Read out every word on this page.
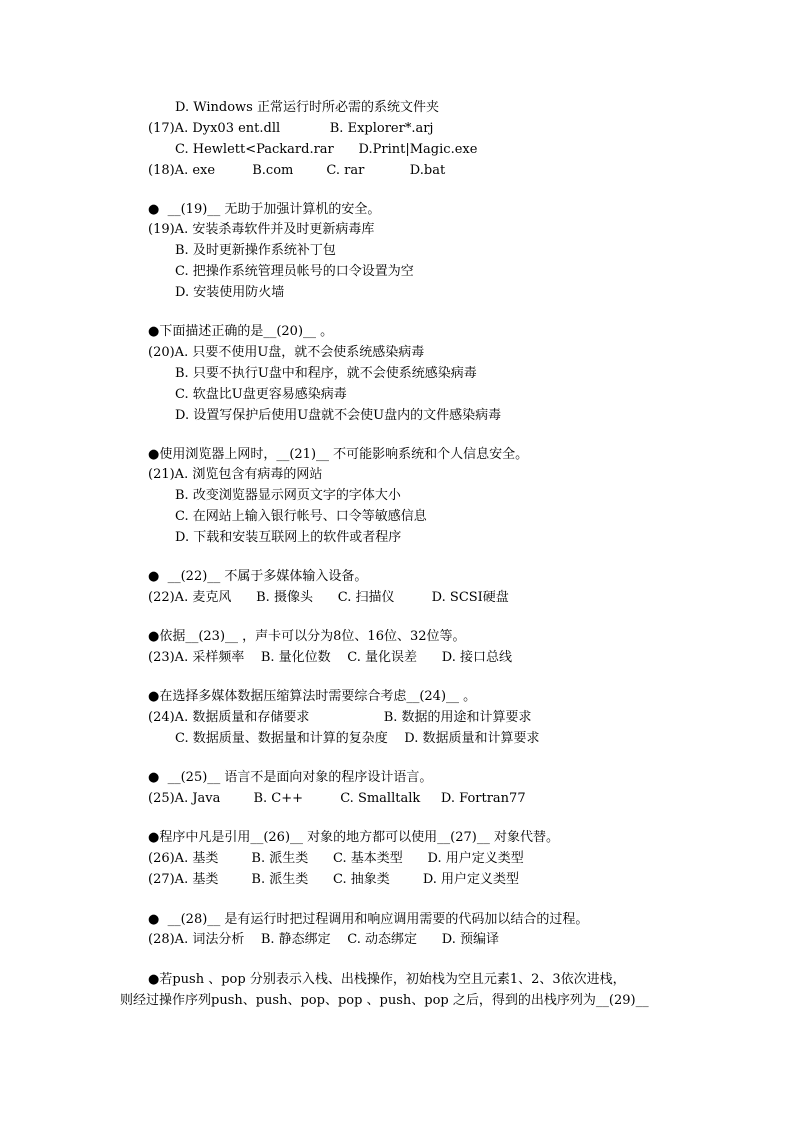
D. Windows 正常运行时所必需的系统文件夹
(17)A. Dyx03 ent.dll            B. Explorer*.arj
C. Hewlett<Packard.rar      D.Print|Magic.exe
(18)A. exe         B.com        C. rar           D.bat
●  __(19)__ 无助于加强计算机的安全。
(19)A. 安装杀毒软件并及时更新病毒库
B. 及时更新操作系统补丁包
C. 把操作系统管理员帐号的口令设置为空
D. 安装使用防火墙
●下面描述正确的是__(20)__ 。
(20)A. 只要不使用U盘，就不会使系统感染病毒
B. 只要不执行U盘中和程序，就不会使系统感染病毒
C. 软盘比U盘更容易感染病毒
D. 设置写保护后使用U盘就不会使U盘内的文件感染病毒
●使用浏览器上网时，__(21)__ 不可能影响系统和个人信息安全。
(21)A. 浏览包含有病毒的网站
B. 改变浏览器显示网页文字的字体大小
C. 在网站上输入银行帐号、口令等敏感信息
D. 下载和安装互联网上的软件或者程序
●  __(22)__ 不属于多媒体输入设备。
(22)A. 麦克风      B. 摄像头      C. 扫描仪         D. SCSI硬盘
●依据__(23)__ ，声卡可以分为8位、16位、32位等。
(23)A. 采样频率    B. 量化位数    C. 量化误差      D. 接口总线
●在选择多媒体数据压缩算法时需要综合考虑__(24)__ 。
(24)A. 数据质量和存储要求                  B. 数据的用途和计算要求
C. 数据质量、数据量和计算的复杂度    D. 数据质量和计算要求
●  __(25)__ 语言不是面向对象的程序设计语言。
(25)A. Java        B. C++         C. Smalltalk     D. Fortran77
●程序中凡是引用__(26)__ 对象的地方都可以使用__(27)__ 对象代替。
(26)A. 基类        B. 派生类      C. 基本类型      D. 用户定义类型
(27)A. 基类        B. 派生类      C. 抽象类        D. 用户定义类型
●  __(28)__ 是有运行时把过程调用和响应调用需要的代码加以结合的过程。
(28)A. 词法分析    B. 静态绑定    C. 动态绑定      D. 预编译
●若push 、pop 分别表示入栈、出栈操作，初始栈为空且元素1、2、3依次进栈，
则经过操作序列push、push、pop、pop 、push、pop 之后，得到的出栈序列为__(29)__
